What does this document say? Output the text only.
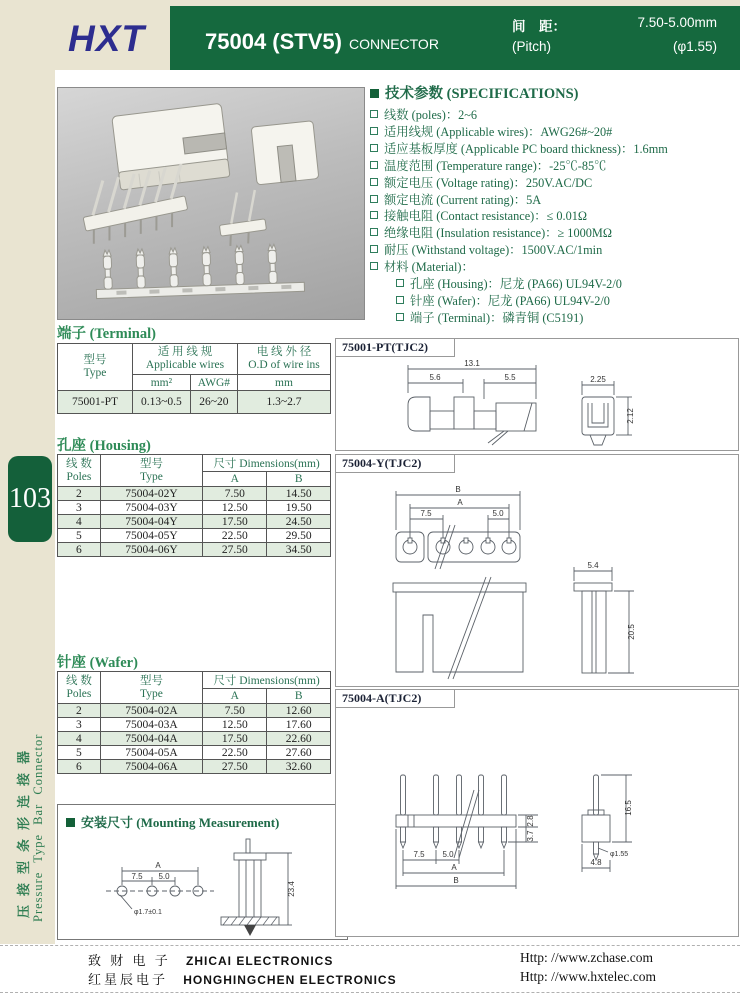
HXT	75004 (STV5) CONNECTOR
间　距：	7.50-5.00mm
(Pitch)	(φ1.55)
103
压接型条形连接器 Pressure Type Bar Connector
技术参数 (SPECIFICATIONS)
线数 (poles)：2~6
适用线规 (Applicable wires)：AWG26#~20#
适应基板厚度 (Applicable PC board thickness)：1.6mm
温度范围 (Temperature range)：-25℃-85℃
额定电压 (Voltage rating)：250V.AC/DC
额定电流 (Current rating)：5A
接触电阻 (Contact resistance)：≤ 0.01Ω
绝缘电阻 (Insulation resistance)：≥ 1000MΩ
耐压 (Withstand voltage)：1500V.AC/1min
材料 (Material)：
孔座 (Housing)：尼龙 (PA66) UL94V-2/0
针座 (Wafer)：尼龙 (PA66) UL94V-2/0
端子 (Terminal)：磷青铜 (C5191)
端子 (Terminal)
型号
Type	适 用 线 规
Applicable wires		电 线 外 径
O.D of wire ins

	mm²	AWG#	mm
75001-PT	0.13~0.5	26~20	1.3~2.7
孔座 (Housing)
线 数
Poles	型号
Type	尺寸 Dimensions(mm)	
		A	B
2	75004-02Y	7.50	14.50
3	75004-03Y	12.50	19.50
4	75004-04Y	17.50	24.50
5	75004-05Y	22.50	29.50
6	75004-06Y	27.50	34.50
针座 (Wafer)
线 数
Poles	型号
Type	尺寸 Dimensions(mm)	
		A	B
2	75004-02A	7.50	12.60
3	75004-03A	12.50	17.60
4	75004-04A	17.50	22.60
5	75004-05A	22.50	27.60
6	75004-06A	27.50	32.60
安装尺寸 (Mounting Measurement)
A
7.5 5.0
φ1.7±0.1
23.4
75001-PT(TJC2)
13.1
5.6	5.5	2.25
2.12
75004-Y(TJC2)
B
A
7.5	5.0
5.4
20.5
75004-A(TJC2)
2.8
3.7
7.5 5.0
A
B
16.5
φ1.55
4.8
致 财 电 子 ZHICAI ELECTRONICS	Http: //www.zchase.com
红星辰电子 HONGHINGCHEN ELECTRONICS	Http: //www.hxtelec.com
